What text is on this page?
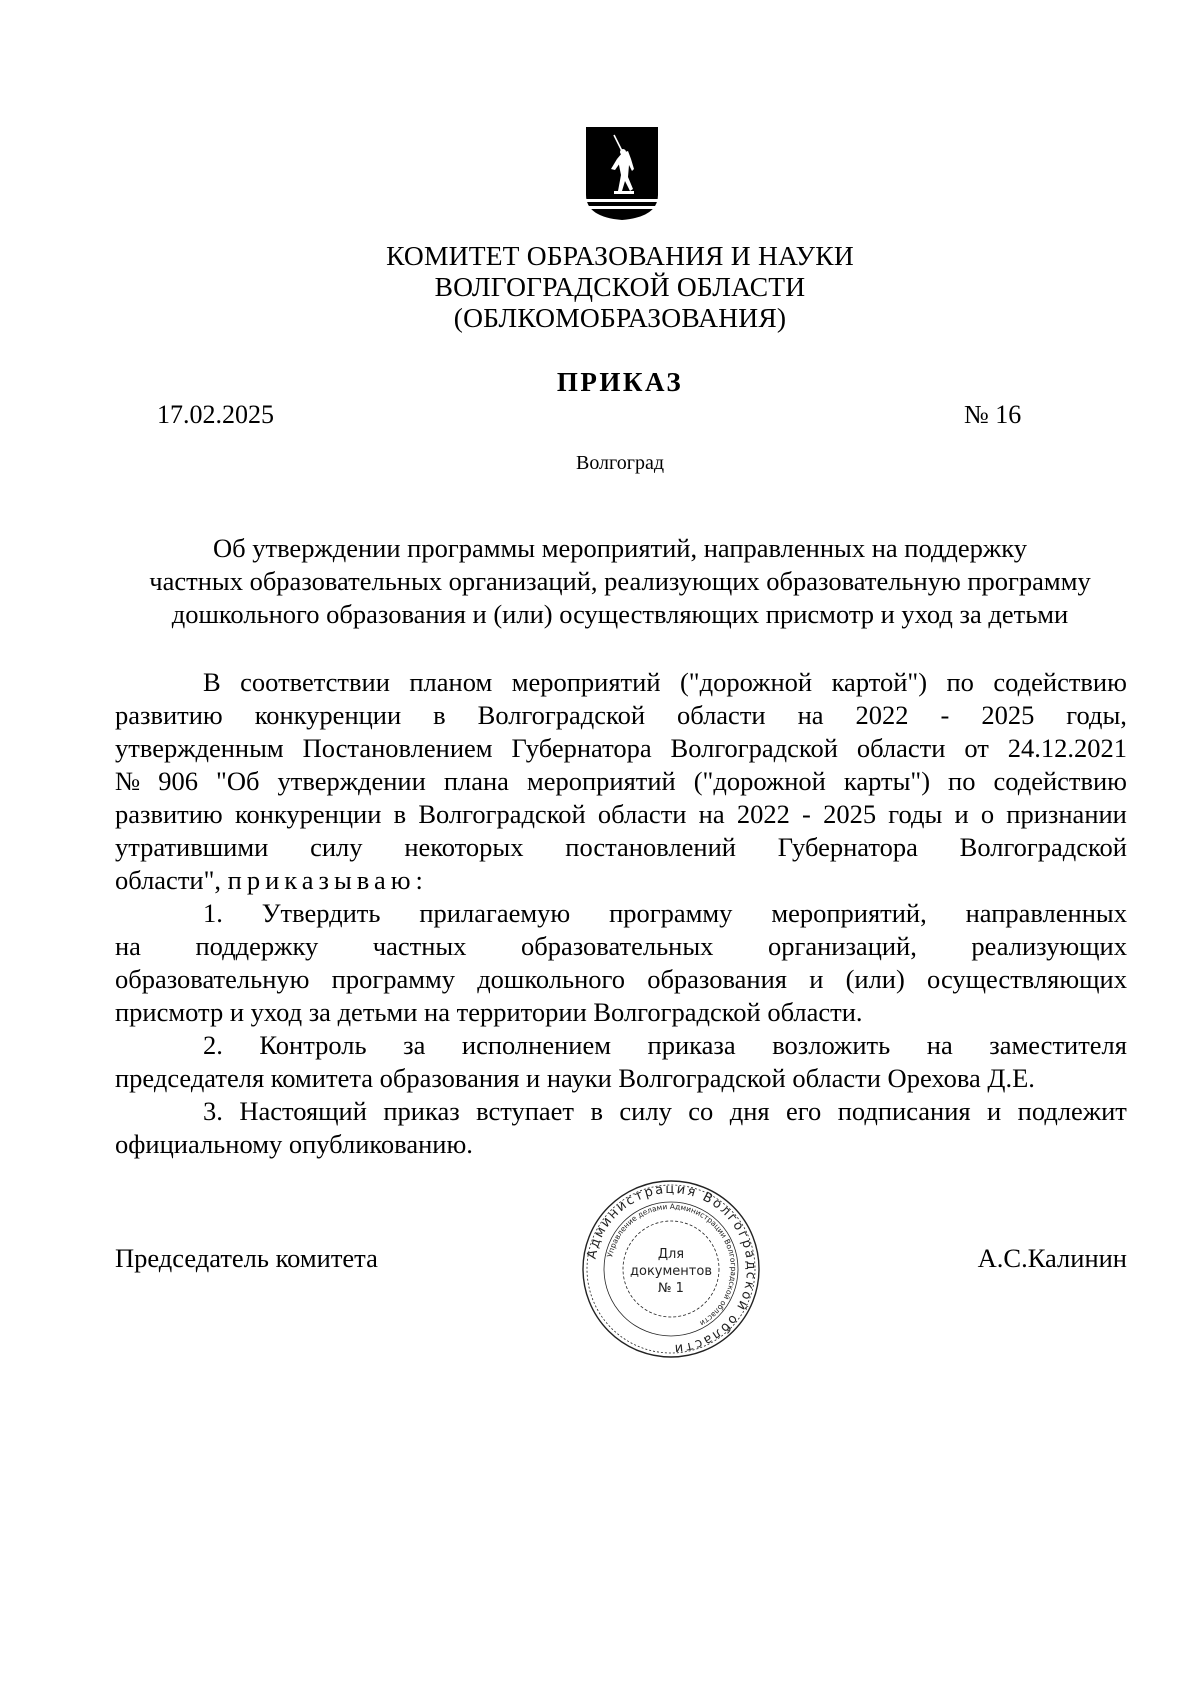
КОМИТЕТ ОБРАЗОВАНИЯ И НАУКИ
ВОЛГОГРАДСКОЙ ОБЛАСТИ
(ОБЛКОМОБРАЗОВАНИЯ)
ПРИКАЗ
17.02.2025	№ 16
Волгоград
Об утверждении программы мероприятий, направленных на поддержку
частных образовательных организаций, реализующих образовательную программу
дошкольного образования и (или) осуществляющих присмотр и уход за детьми
В соответствии планом мероприятий ("дорожной картой") по содействию
развитию конкуренции в Волгоградской области на 2022 - 2025 годы,
утвержденным Постановлением Губернатора Волгоградской области от 24.12.2021
№ 906 "Об утверждении плана мероприятий ("дорожной карты") по содействию
развитию конкуренции в Волгоградской области на 2022 - 2025 годы и о признании
утратившими силу некоторых постановлений Губернатора Волгоградской
области",
приказываю:
1. Утвердить прилагаемую программу мероприятий, направленных
на поддержку частных образовательных организаций, реализующих
образовательную программу дошкольного образования и (или) осуществляющих
присмотр и уход за детьми на территории Волгоградской области.
2. Контроль за исполнением приказа возложить на заместителя
председателя комитета образования и науки Волгоградской области Орехова Д.Е.
3. Настоящий приказ вступает в силу со дня его подписания и подлежит
официальному опубликованию.
Председатель комитета	А.С.Калинин
Администрация Волгоградской области
Управление делами Администрации Волгоградской области
Для
документов
№ 1
